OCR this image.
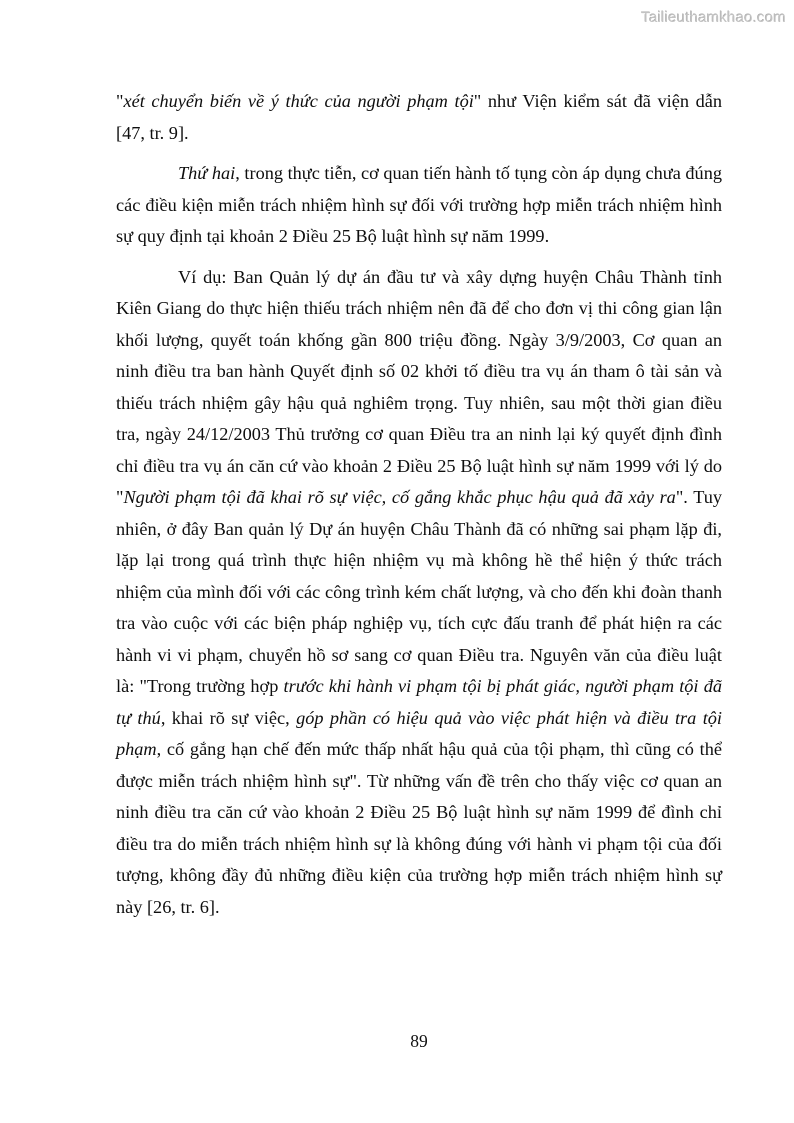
Tailieuthamkhao.com

"xét chuyển biến về ý thức của người phạm tội" như Viện kiểm sát đã viện dẫn [47, tr. 9].

Thứ hai, trong thực tiễn, cơ quan tiến hành tố tụng còn áp dụng chưa đúng các điều kiện miễn trách nhiệm hình sự đối với trường hợp miễn trách nhiệm hình sự quy định tại khoản 2 Điều 25 Bộ luật hình sự năm 1999.

Ví dụ: Ban Quản lý dự án đầu tư và xây dựng huyện Châu Thành tỉnh Kiên Giang do thực hiện thiếu trách nhiệm nên đã để cho đơn vị thi công gian lận khối lượng, quyết toán khống gần 800 triệu đồng. Ngày 3/9/2003, Cơ quan an ninh điều tra ban hành Quyết định số 02 khởi tố điều tra vụ án tham ô tài sản và thiếu trách nhiệm gây hậu quả nghiêm trọng. Tuy nhiên, sau một thời gian điều tra, ngày 24/12/2003 Thủ trưởng cơ quan Điều tra an ninh lại ký quyết định đình chỉ điều tra vụ án căn cứ vào khoản 2 Điều 25 Bộ luật hình sự năm 1999 với lý do "Người phạm tội đã khai rõ sự việc, cố gắng khắc phục hậu quả đã xảy ra". Tuy nhiên, ở đây Ban quản lý Dự án huyện Châu Thành đã có những sai phạm lặp đi, lặp lại trong quá trình thực hiện nhiệm vụ mà không hề thể hiện ý thức trách nhiệm của mình đối với các công trình kém chất lượng, và cho đến khi đoàn thanh tra vào cuộc với các biện pháp nghiệp vụ, tích cực đấu tranh để phát hiện ra các hành vi vi phạm, chuyển hồ sơ sang cơ quan Điều tra. Nguyên văn của điều luật là: "Trong trường hợp trước khi hành vi phạm tội bị phát giác, người phạm tội đã tự thú, khai rõ sự việc, góp phần có hiệu quả vào việc phát hiện và điều tra tội phạm, cố gắng hạn chế đến mức thấp nhất hậu quả của tội phạm, thì cũng có thể được miễn trách nhiệm hình sự". Từ những vấn đề trên cho thấy việc cơ quan an ninh điều tra căn cứ vào khoản 2 Điều 25 Bộ luật hình sự năm 1999 để đình chỉ điều tra do miễn trách nhiệm hình sự là không đúng với hành vi phạm tội của đối tượng, không đầy đủ những điều kiện của trường hợp miễn trách nhiệm hình sự này [26, tr. 6].

89
